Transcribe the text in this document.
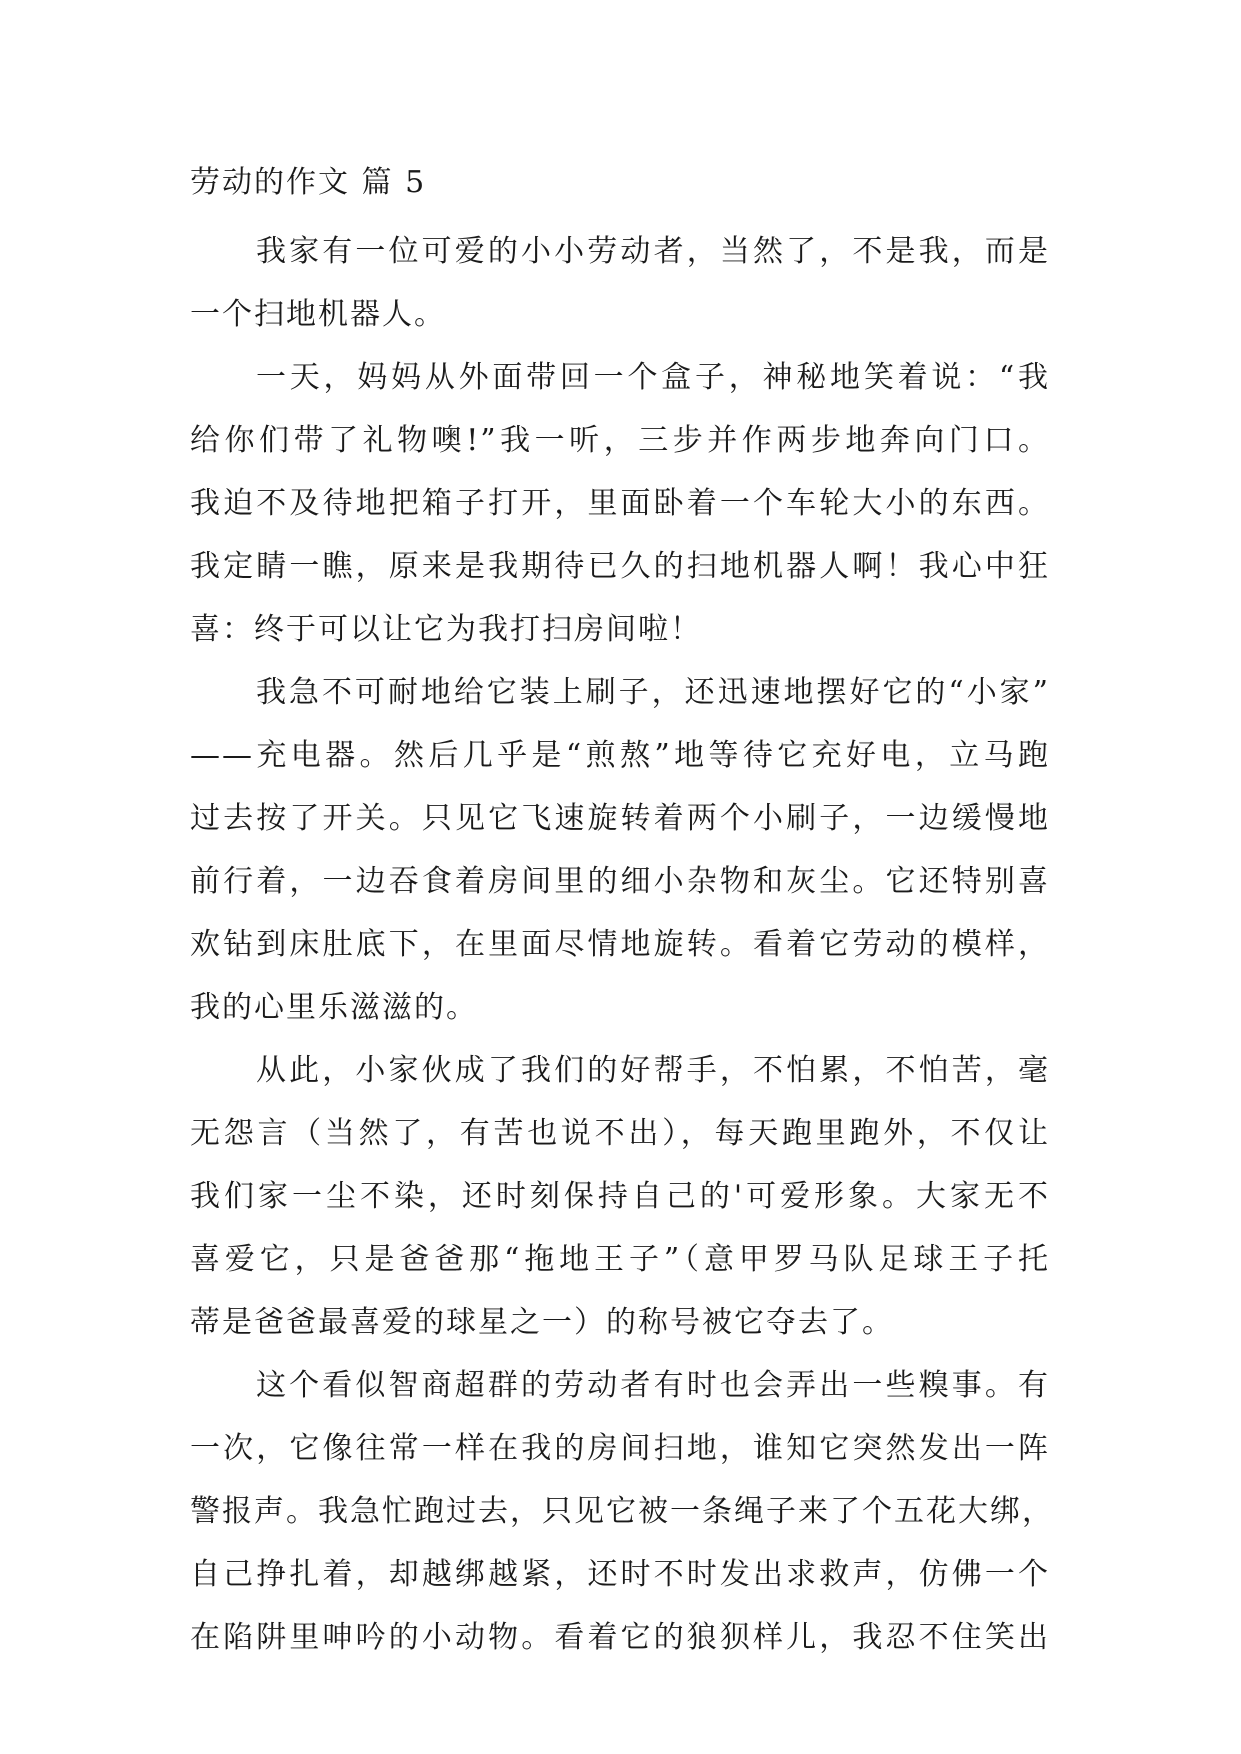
劳动的作文 篇 5
我家有一位可爱的小小劳动者，当然了，不是我，而是
一个扫地机器人。
一天，妈妈从外面带回一个盒子，神秘地笑着说：“我
给你们带了礼物噢!”我一听，三步并作两步地奔向门口。
我迫不及待地把箱子打开，里面卧着一个车轮大小的东西。
我定睛一瞧，原来是我期待已久的扫地机器人啊！我心中狂
喜：终于可以让它为我打扫房间啦！
我急不可耐地给它装上刷子，还迅速地摆好它的“小家”
——充电器。然后几乎是“煎熬”地等待它充好电，立马跑
过去按了开关。只见它飞速旋转着两个小刷子，一边缓慢地
前行着，一边吞食着房间里的细小杂物和灰尘。它还特别喜
欢钻到床肚底下，在里面尽情地旋转。看着它劳动的模样，
我的心里乐滋滋的。
从此，小家伙成了我们的好帮手，不怕累，不怕苦，毫
无怨言（当然了，有苦也说不出），每天跑里跑外，不仅让
我们家一尘不染，还时刻保持自己的'可爱形象。大家无不
喜爱它，只是爸爸那“拖地王子”（意甲罗马队足球王子托
蒂是爸爸最喜爱的球星之一）的称号被它夺去了。
这个看似智商超群的劳动者有时也会弄出一些糗事。有
一次，它像往常一样在我的房间扫地，谁知它突然发出一阵
警报声。我急忙跑过去，只见它被一条绳子来了个五花大绑，
自己挣扎着，却越绑越紧，还时不时发出求救声，仿佛一个
在陷阱里呻吟的小动物。看着它的狼狈样儿，我忍不住笑出
